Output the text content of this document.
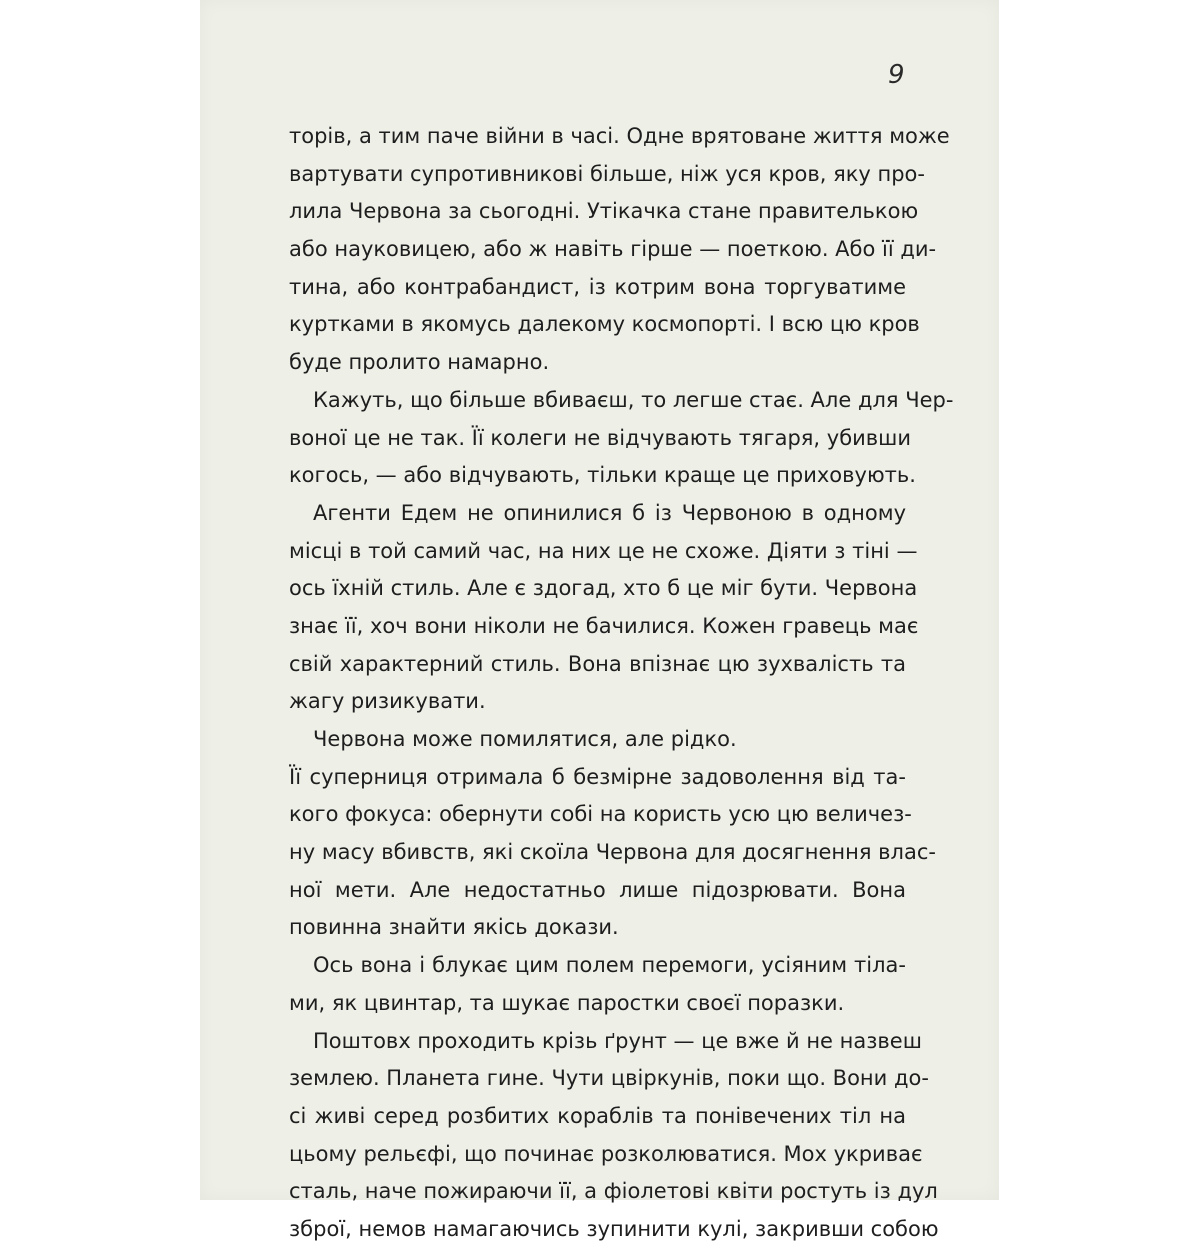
9

торів, а тим паче війни в часі. Одне врятоване життя може
вартувати супротивникові більше, ніж уся кров, яку про-
лила Червона за сьогодні. Утікачка стане правителькою
або науковицею, або ж навіть гірше — поеткою. Або її ди-
тина, або контрабандист, із котрим вона торгуватиме
куртками в якомусь далекому космопорті. І всю цю кров
буде пролито намарно.
Кажуть, що більше вбиваєш, то легше стає. Але для Чер-
воної це не так. Її колеги не відчувають тягаря, убивши
когось, — або відчувають, тільки краще це приховують.
Агенти Едем не опинилися б із Червоною в одному
місці в той самий час, на них це не схоже. Діяти з тіні —
ось їхній стиль. Але є здогад, хто б це міг бути. Червона
знає її, хоч вони ніколи не бачилися. Кожен гравець має
свій характерний стиль. Вона впізнає цю зухвалість та
жагу ризикувати.
Червона може помилятися, але рідко.
Її суперниця отримала б безмірне задоволення від та-
кого фокуса: обернути собі на користь усю цю величез-
ну масу вбивств, які скоїла Червона для досягнення влас-
ної мети. Але недостатньо лише підозрювати. Вона
повинна знайти якісь докази.
Ось вона і блукає цим полем перемоги, усіяним тіла-
ми, як цвинтар, та шукає паростки своєї поразки.
Поштовх проходить крізь ґрунт — це вже й не назвеш
землею. Планета гине. Чути цвіркунів, поки що. Вони до-
сі живі серед розбитих кораблів та понівечених тіл на
цьому рельєфі, що починає розколюватися. Мох укриває
сталь, наче пожираючи її, а фіолетові квіти ростуть із дул
зброї, немов намагаючись зупинити кулі, закривши собою
